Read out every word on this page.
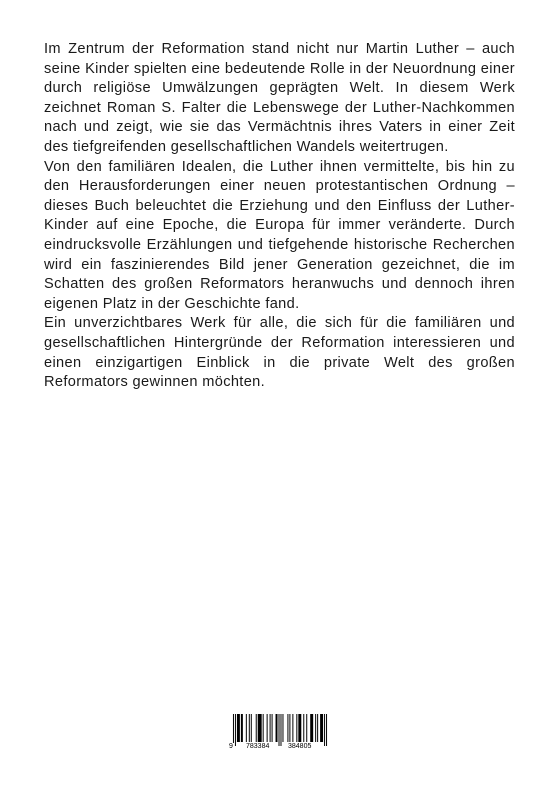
Im Zentrum der Reformation stand nicht nur Martin Luther – auch seine Kinder spielten eine bedeutende Rolle in der Neuordnung einer durch religiöse Umwälzungen geprägten Welt. In diesem Werk zeichnet Roman S. Falter die Lebenswege der Luther-Nachkommen nach und zeigt, wie sie das Vermächtnis ihres Vaters in einer Zeit des tiefgreifenden gesellschaftlichen Wandels weitertrugen.

Von den familiären Idealen, die Luther ihnen vermittelte, bis hin zu den Herausforderungen einer neuen protestantischen Ordnung – dieses Buch beleuchtet die Erziehung und den Einfluss der Luther-Kinder auf eine Epoche, die Europa für immer veränderte. Durch eindrucksvolle Erzählungen und tiefgehende historische Recherchen wird ein faszinierendes Bild jener Generation gezeichnet, die im Schatten des großen Reformators heranwuchs und dennoch ihren eigenen Platz in der Geschichte fand.

Ein unverzichtbares Werk für alle, die sich für die familiären und gesellschaftlichen Hintergründe der Reformation interessieren und einen einzigartigen Einblick in die private Welt des großen Reformators gewinnen möchten.

9 783384	384805
